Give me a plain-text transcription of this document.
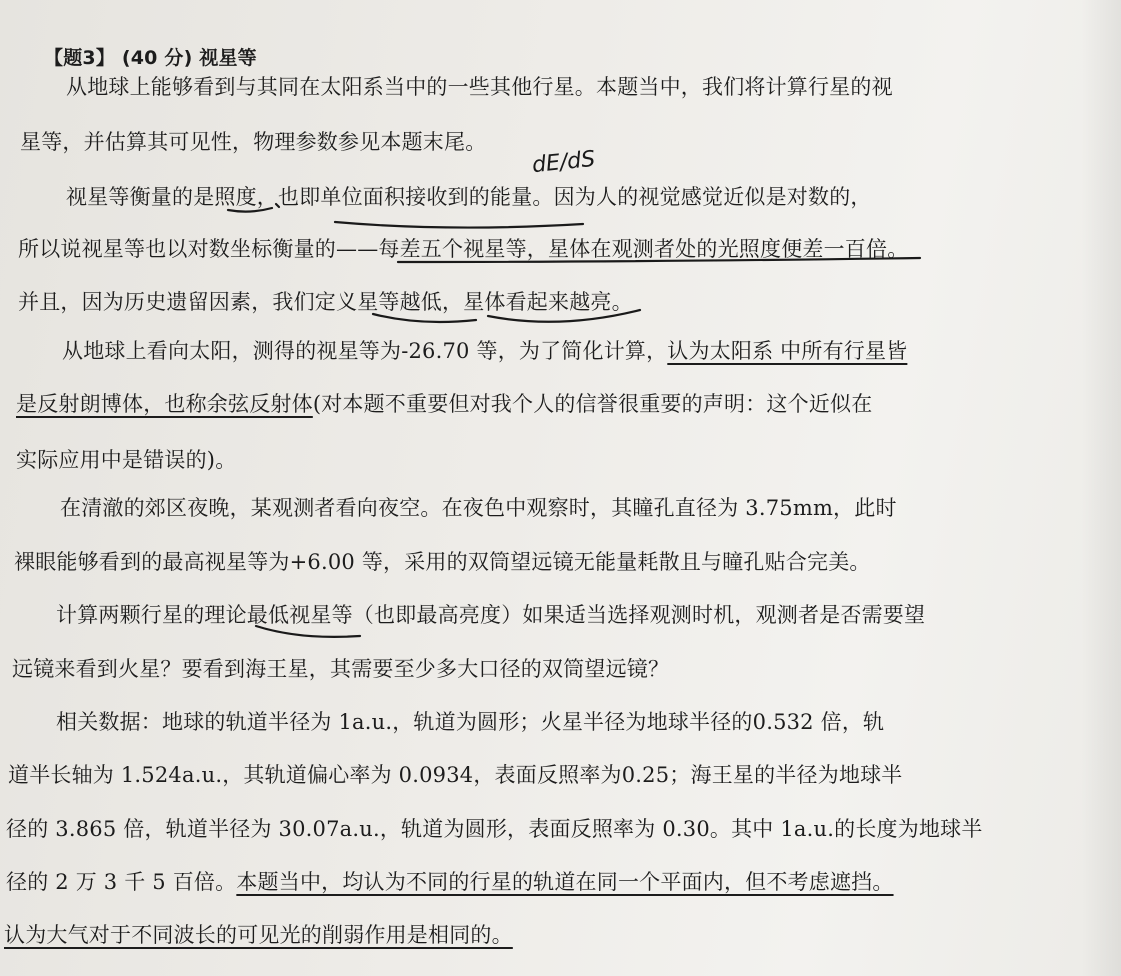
【题3】 (40 分) 视星等
从地球上能够看到与其同在太阳系当中的一些其他行星。本题当中，我们将计算行星的视
星等，并估算其可见性，物理参数参见本题末尾。
视星等衡量的是照度，也即单位面积接收到的能量。因为人的视觉感觉近似是对数的，
所以说视星等也以对数坐标衡量的——每差五个视星等，星体在观测者处的光照度便差一百倍。
并且，因为历史遗留因素，我们定义星等越低，星体看起来越亮。
从地球上看向太阳，测得的视星等为-26.70 等，为了简化计算，认为太阳系 中所有行星皆
是反射朗博体，也称余弦反射体(对本题不重要但对我个人的信誉很重要的声明：这个近似在
实际应用中是错误的)。
在清澈的郊区夜晚，某观测者看向夜空。在夜色中观察时，其瞳孔直径为 3.75mm，此时
裸眼能够看到的最高视星等为+6.00 等，采用的双筒望远镜无能量耗散且与瞳孔贴合完美。
计算两颗行星的理论最低视星等（也即最高亮度）如果适当选择观测时机，观测者是否需要望
远镜来看到火星？要看到海王星，其需要至少多大口径的双筒望远镜？
相关数据：地球的轨道半径为 1a.u.，轨道为圆形；火星半径为地球半径的0.532 倍，轨
道半长轴为 1.524a.u.，其轨道偏心率为 0.0934，表面反照率为0.25；海王星的半径为地球半
径的 3.865 倍，轨道半径为 30.07a.u.，轨道为圆形，表面反照率为 0.30。其中 1a.u.的长度为地球半
径的 2 万 3 千 5 百倍。本题当中，均认为不同的行星的轨道在同一个平面内，但不考虑遮挡。
认为大气对于不同波长的可见光的削弱作用是相同的。
dE/dS
